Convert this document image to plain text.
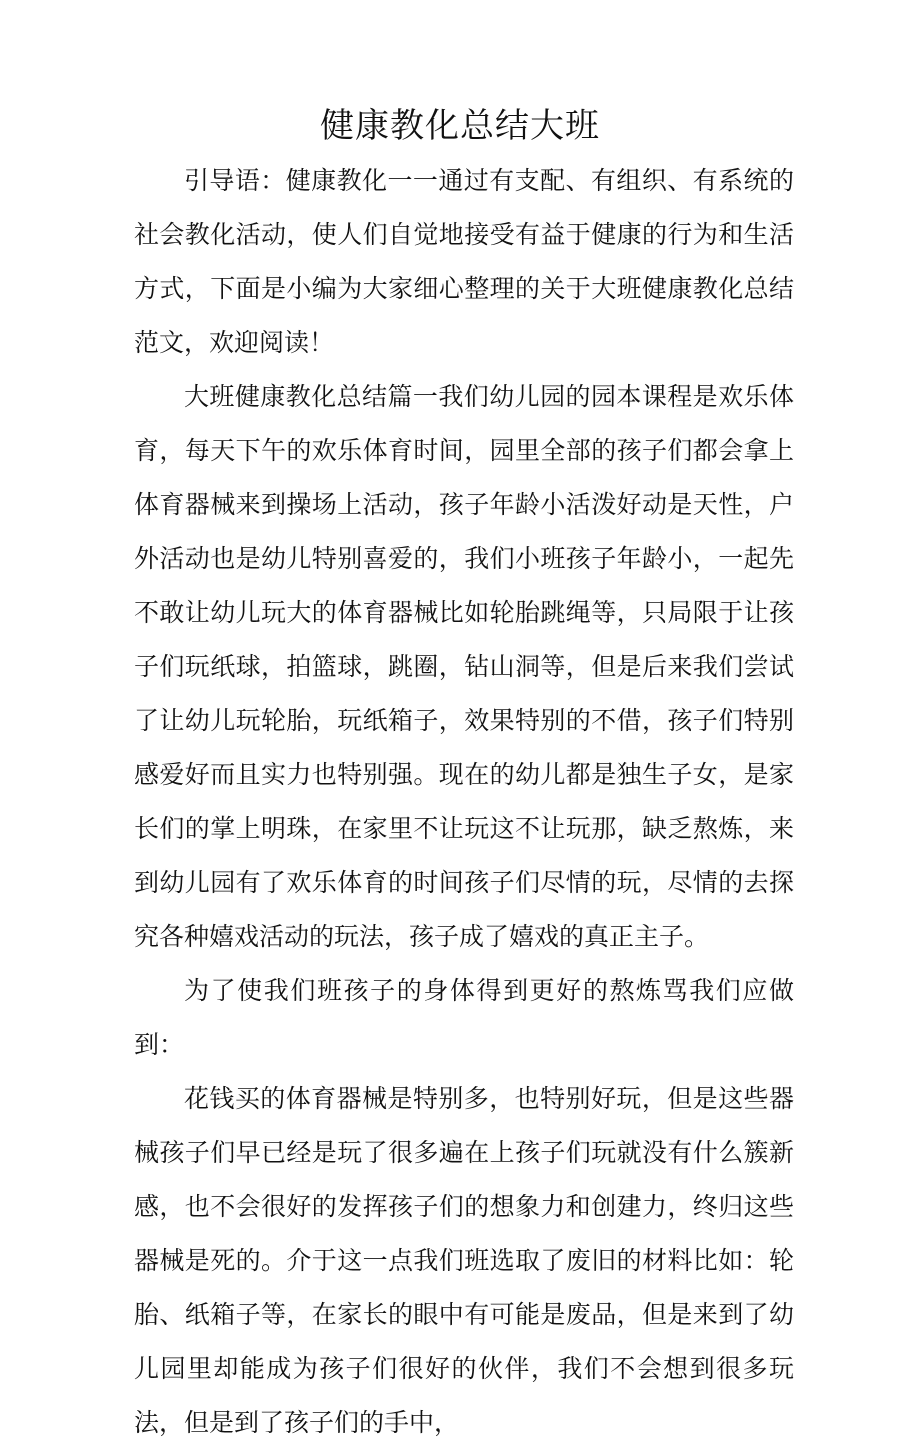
健康教化总结大班

引导语：健康教化一一通过有支配、有组织、有系统的社会教化活动，使人们自觉地接受有益于健康的行为和生活方式，下面是小编为大家细心整理的关于大班健康教化总结范文，欢迎阅读！

大班健康教化总结篇一我们幼儿园的园本课程是欢乐体育，每天下午的欢乐体育时间，园里全部的孩子们都会拿上体育器械来到操场上活动，孩子年龄小活泼好动是天性，户外活动也是幼儿特别喜爱的，我们小班孩子年龄小，一起先不敢让幼儿玩大的体育器械比如轮胎跳绳等，只局限于让孩子们玩纸球，拍篮球，跳圈，钻山洞等，但是后来我们尝试了让幼儿玩轮胎，玩纸箱子，效果特别的不借，孩子们特别感爱好而且实力也特别强。现在的幼儿都是独生子女，是家长们的掌上明珠，在家里不让玩这不让玩那，缺乏熬炼，来到幼儿园有了欢乐体育的时间孩子们尽情的玩，尽情的去探究各种嬉戏活动的玩法，孩子成了嬉戏的真正主子。

为了使我们班孩子的身体得到更好的熬炼骂我们应做到：

花钱买的体育器械是特别多，也特别好玩，但是这些器械孩子们早已经是玩了很多遍在上孩子们玩就没有什么簇新感，也不会很好的发挥孩子们的想象力和创建力，终归这些器械是死的。介于这一点我们班选取了废旧的材料比如：轮胎、纸箱子等，在家长的眼中有可能是废品，但是来到了幼儿园里却能成为孩子们很好的伙伴，我们不会想到很多玩法，但是到了孩子们的手中，
